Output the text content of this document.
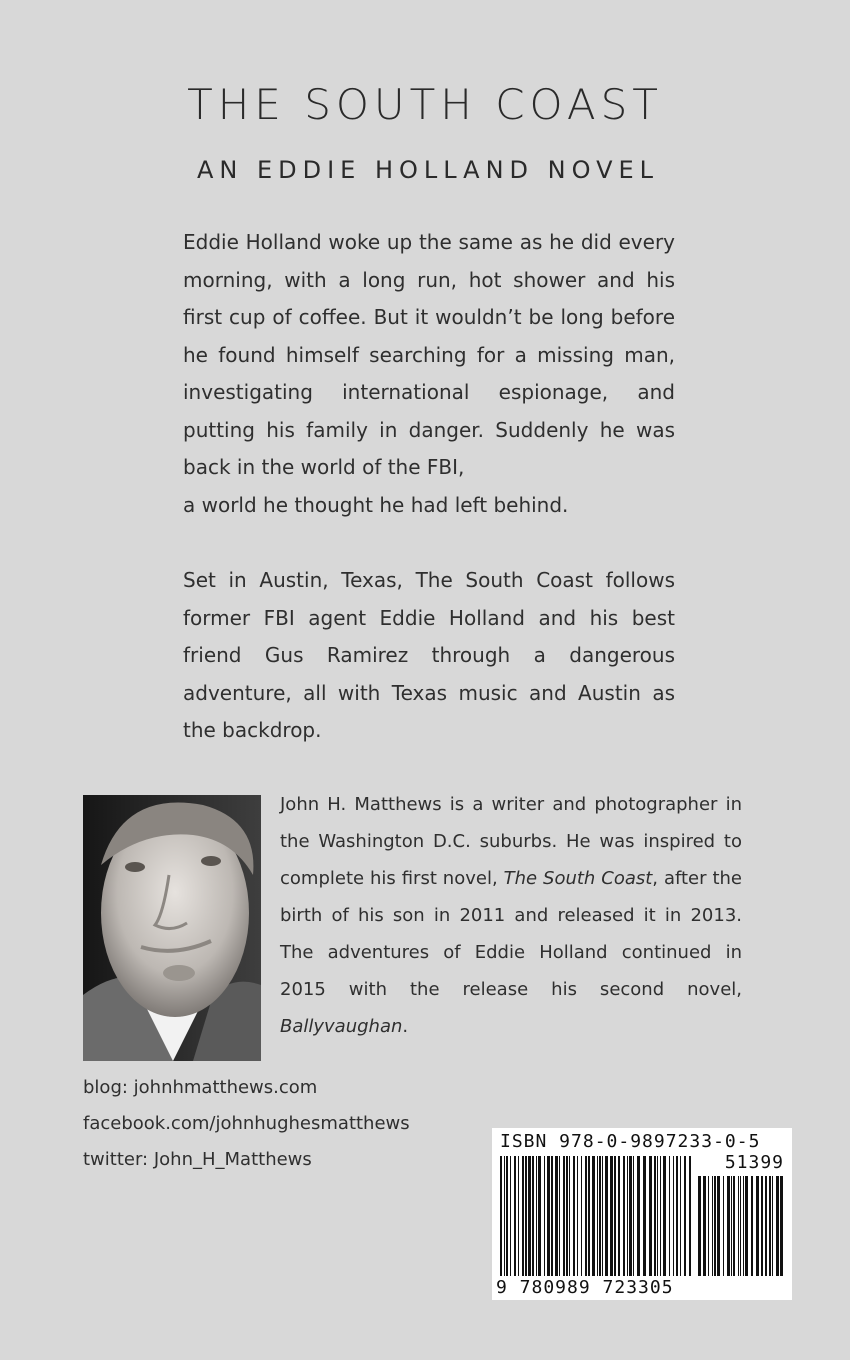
THE SOUTH COAST
AN EDDIE HOLLAND NOVEL
Eddie Holland woke up the same as he did every morning, with a long run, hot shower and his first cup of coffee. But it wouldn’t be long before he found himself searching for a missing man, investigating international espionage, and putting his family in danger. Suddenly he was back in the world of the FBI,
a world he thought he had left behind.
Set in Austin, Texas, The South Coast follows former FBI agent Eddie Holland and his best friend Gus Ramirez through a dangerous adventure, all with Texas music and Austin as the backdrop.
John H. Matthews is a writer and photographer in the Washington D.C. suburbs. He was inspired to complete his first novel, The South Coast, after the birth of his son in 2011 and released it in 2013. The adventures of Eddie Holland continued in 2015 with the release his second novel, Ballyvaughan.
blog: johnhmatthews.com
facebook.com/johnhughesmatthews
twitter: John_H_Matthews
ISBN 978-0-9897233-0-5
51399
9 780989 723305
